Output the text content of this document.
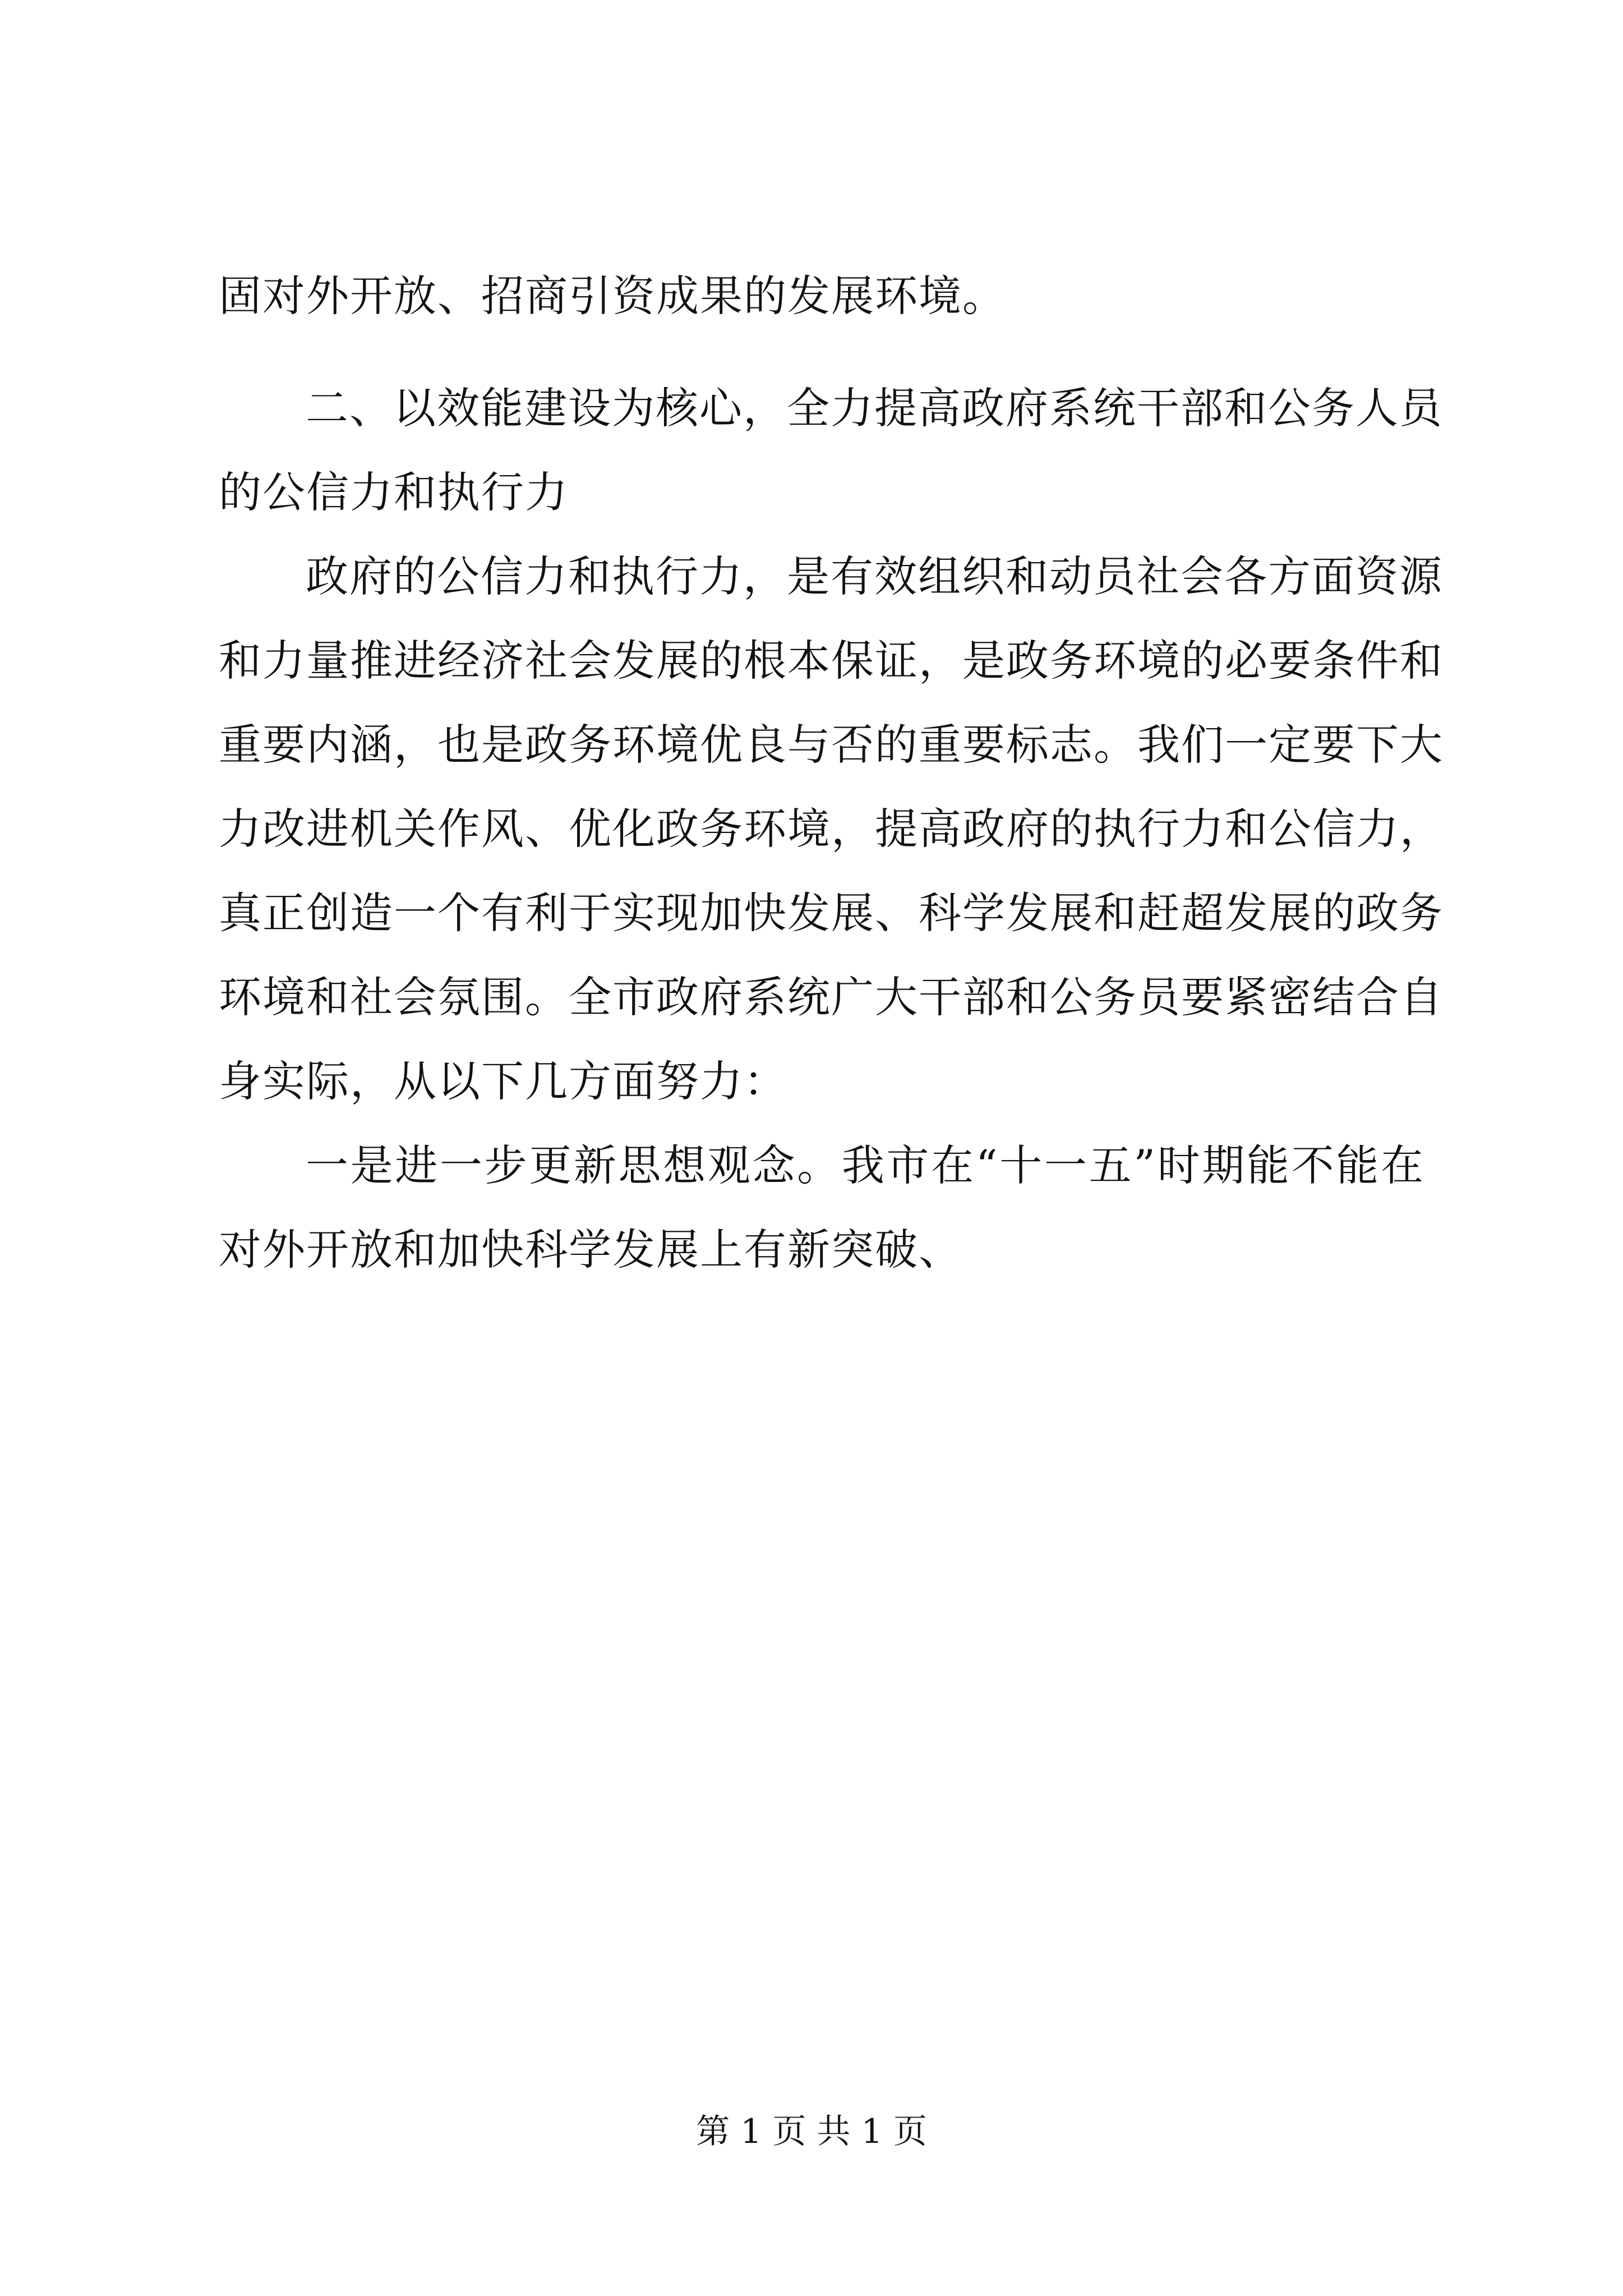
固对外开放、招商引资成果的发展环境。
二、以效能建设为核心，全力提高政府系统干部和公务人员
的公信力和执行力
政府的公信力和执行力，是有效组织和动员社会各方面资源
和力量推进经济社会发展的根本保证，是政务环境的必要条件和
重要内涵，也是政务环境优良与否的重要标志。我们一定要下大
力改进机关作风、优化政务环境，提高政府的执行力和公信力，
真正创造一个有利于实现加快发展、科学发展和赶超发展的政务
环境和社会氛围。全市政府系统广大干部和公务员要紧密结合自
身实际，从以下几方面努力：
一是进一步更新思想观念。我市在“十一五”时期能不能在
对外开放和加快科学发展上有新突破、
第 1 页 共 1 页
